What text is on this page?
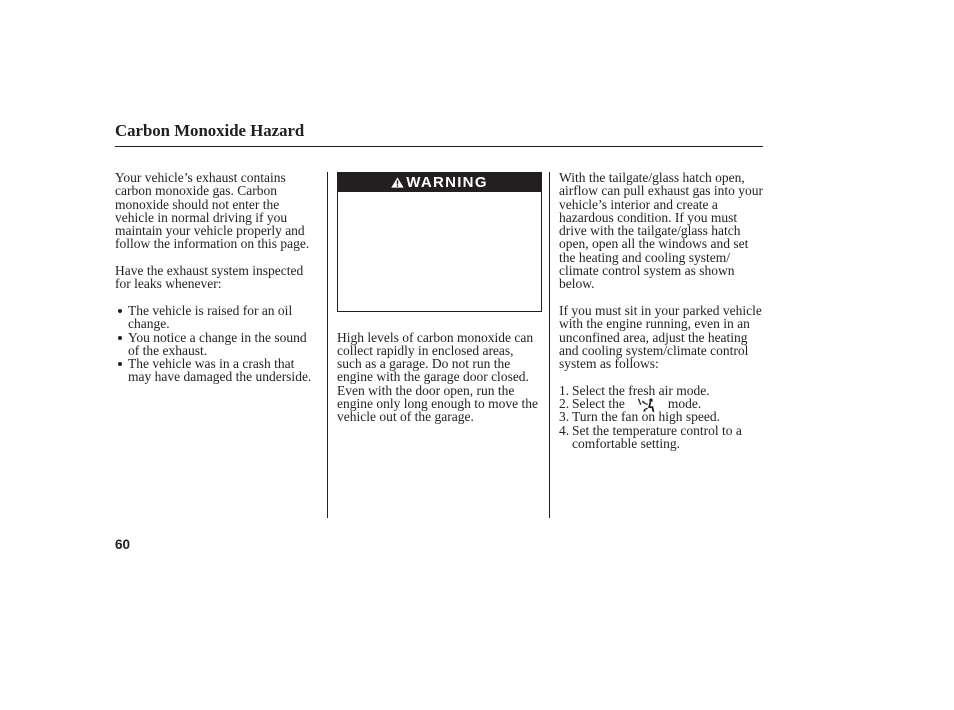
Carbon Monoxide Hazard
Your vehicle’s exhaust contains
carbon monoxide gas. Carbon
monoxide should not enter the
vehicle in normal driving if you
maintain your vehicle properly and
follow the information on this page.
Have the exhaust system inspected
for leaks whenever:
The vehicle is raised for an oil
change.
You notice a change in the sound
of the exhaust.
The vehicle was in a crash that
may have damaged the underside.
WARNING
High levels of carbon monoxide can
collect rapidly in enclosed areas,
such as a garage. Do not run the
engine with the garage door closed.
Even with the door open, run the
engine only long enough to move the
vehicle out of the garage.
With the tailgate/glass hatch open,
airflow can pull exhaust gas into your
vehicle’s interior and create a
hazardous condition. If you must
drive with the tailgate/glass hatch
open, open all the windows and set
the heating and cooling system/
climate control system as shown
below.
If you must sit in your parked vehicle
with the engine running, even in an
unconfined area, adjust the heating
and cooling system/climate control
system as follows:
1. Select the fresh air mode.
2. Select the	mode.
3. Turn the fan on high speed.
4. Set the temperature control to a
comfortable setting.
60
